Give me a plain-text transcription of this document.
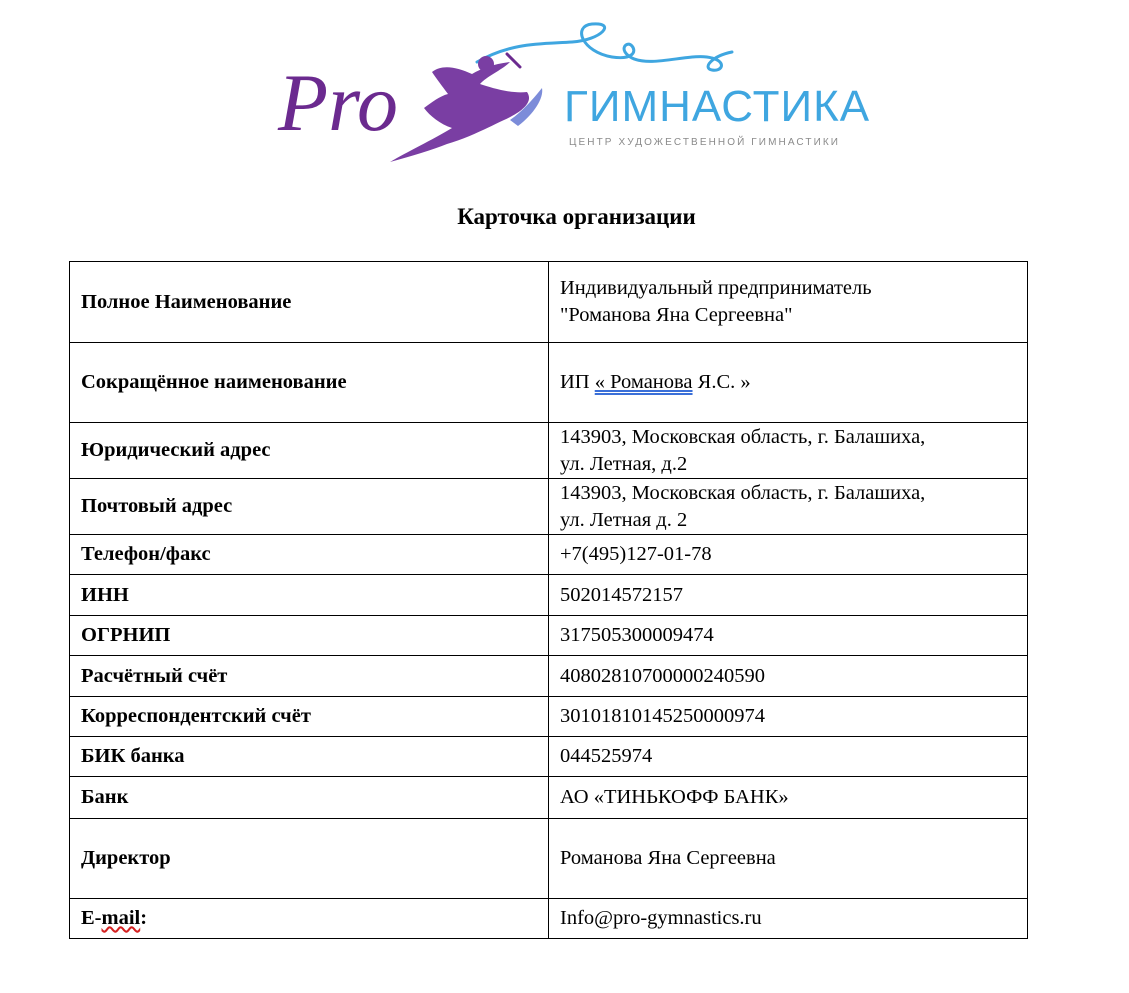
Pro	ГИМНАСТИКА
ЦЕНТР ХУДОЖЕСТВЕННОЙ ГИМНАСТИКИ
Карточка организации
Полное Наименование	Индивидуальный предприниматель
"Романова Яна Сергеевна"
Сокращённое наименование	ИП « Романова Я.С. »
Юридический адрес	143903, Московская область, г. Балашиха,
ул. Летная, д.2
Почтовый адрес	143903, Московская область, г. Балашиха,
ул. Летная д. 2
Телефон/факс	+7(495)127-01-78
ИНН	502014572157
ОГРНИП	317505300009474
Расчётный счёт	40802810700000240590
Корреспондентский счёт	30101810145250000974
БИК банка	044525974
Банк	АО «ТИНЬКОФФ БАНК»
Директор	Романова Яна Сергеевна
E-mail:	Info@pro-gymnastics.ru
